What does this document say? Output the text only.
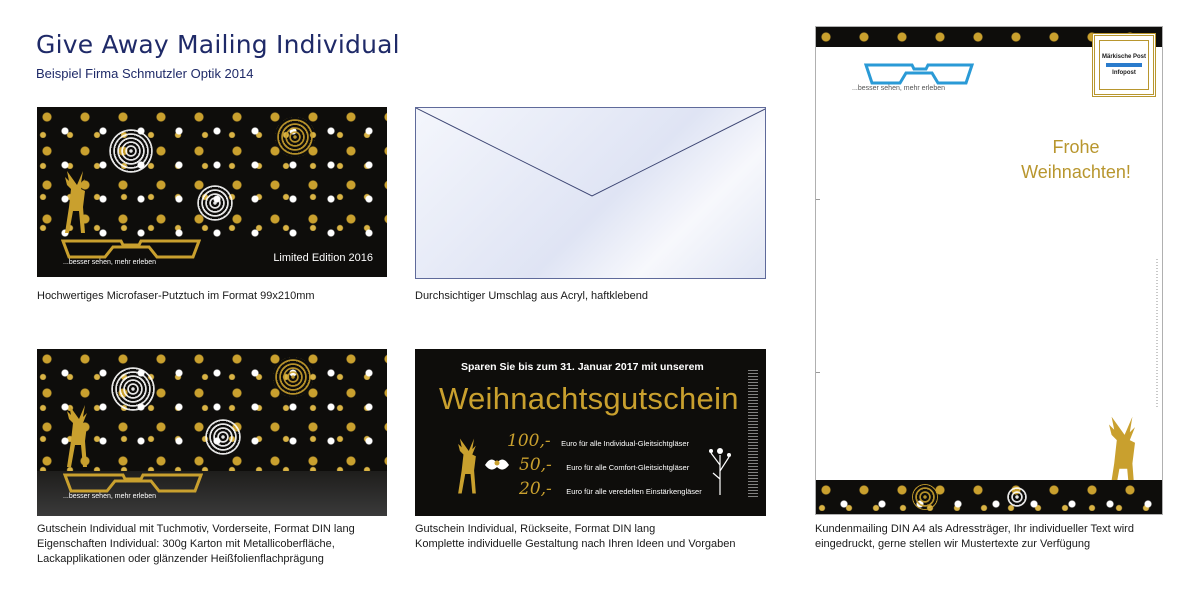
Give Away Mailing Individual
Beispiel Firma Schmutzler Optik 2014
...besser sehen, mehr erleben	Limited Edition 2016
Hochwertiges Microfaser-Putztuch im Format 99x210mm	Durchsichtiger Umschlag aus Acryl, haftklebend
...besser sehen, mehr erleben
Gutschein Individual mit Tuchmotiv, Vorderseite, Format DIN lang
Eigenschaften Individual: 300g Karton mit Metallicoberfläche,
Lackapplikationen oder glänzender Heißfolienflachprägung
Sparen Sie bis zum 31. Januar 2017 mit unserem
Weihnachtsgutschein
100,- Euro für alle Individual-Gleitsichtgläser
50,- Euro für alle Comfort-Gleitsichtgläser
20,- Euro für alle veredelten Einstärkengläser
Gutschein Individual, Rückseite, Format DIN lang
Komplette individuelle Gestaltung nach Ihren Ideen und Vorgaben
Märkische Post
Infopost
...besser sehen, mehr erleben
Frohe
Weihnachten!
Kundenmailing DIN A4 als Adressträger, Ihr individueller Text wird
eingedruckt, gerne stellen wir Mustertexte zur Verfügung
